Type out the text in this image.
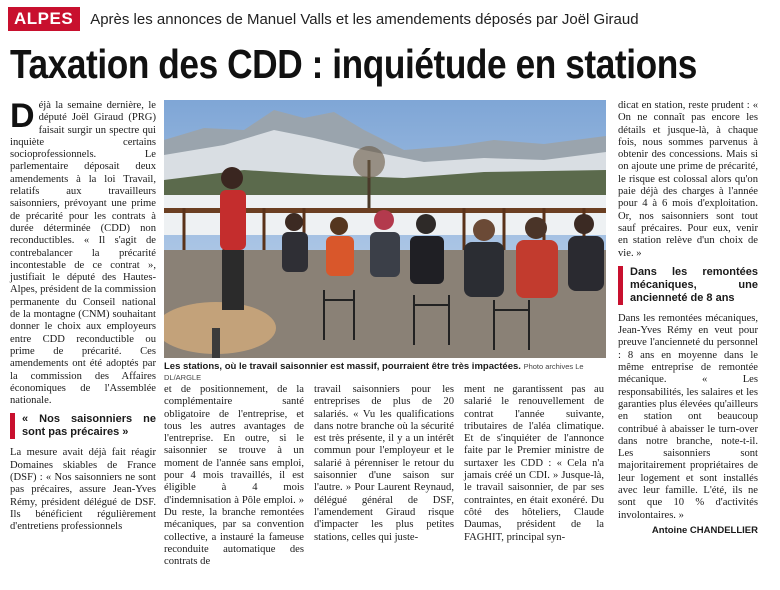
ALPES	Après les annonces de Manuel Valls et les amendements déposés par Joël Giraud
Taxation des CDD : inquiétude en stations

Déjà la semaine dernière, le député Joël Giraud (PRG) faisait surgir un spectre qui inquiète certains socioprofessionnels. Le parlementaire déposait deux amendements à la loi Travail, relatifs aux travailleurs saisonniers, prévoyant une prime de précarité pour les contrats à durée déterminée (CDD) non reconductibles. « Il s'agit de contrebalancer la précarité incontestable de ce contrat », justifiait le député des Hautes-Alpes, président de la commission permanente du Conseil national de la montagne (CNM) souhaitant donner le choix aux employeurs entre CDD reconductible ou prime de précarité. Ces amendements ont été adoptés par la commission des Affaires économiques de l'Assemblée nationale.

« Nos saisonniers ne sont pas précaires »

La mesure avait déjà fait réagir Domaines skiables de France (DSF) : « Nos saisonniers ne sont pas précaires, assure Jean-Yves Rémy, président délégué de DSF. Ils bénéficient régulièrement d'entretiens professionnels

Les stations, où le travail saisonnier est massif, pourraient être très impactées. Photo archives Le DL/ARGLE

et de positionnement, de la complémentaire santé obligatoire de l'entreprise, et tous les autres avantages de l'entreprise. En outre, si le saisonnier se trouve à un moment de l'année sans emploi, pour 4 mois travaillés, il est éligible à 4 mois d'indemnisation à Pôle emploi. » Du reste, la branche remontées mécaniques, par sa convention collective, a instauré la fameuse reconduite automatique des contrats de

travail saisonniers pour les entreprises de plus de 20 salariés. « Vu les qualifications dans notre branche où la sécurité est très présente, il y a un intérêt commun pour l'employeur et le salarié à pérenniser le retour du saisonnier d'une saison sur l'autre. » Pour Laurent Reynaud, délégué général de DSF, l'amendement Giraud risque d'impacter les plus petites stations, celles qui juste-

ment ne garantissent pas au salarié le renouvellement de contrat l'année suivante, tributaires de l'aléa climatique. Et de s'inquiéter de l'annonce faite par le Premier ministre de surtaxer les CDD : « Cela n'a jamais créé un CDI. » Jusque-là, le travail saisonnier, de par ses contraintes, en était exonéré. Du côté des hôteliers, Claude Daumas, président de la FAGHIT, principal syn-

dicat en station, reste prudent : « On ne connaît pas encore les détails et jusque-là, à chaque fois, nous sommes parvenus à obtenir des concessions. Mais si on ajoute une prime de précarité, le risque est colossal alors qu'on paie déjà des charges à l'année pour 4 à 6 mois d'exploitation. Or, nos saisonniers sont tout sauf précaires. Pour eux, venir en station relève d'un choix de vie. »

Dans les remontées mécaniques, une ancienneté de 8 ans

Dans les remontées mécaniques, Jean-Yves Rémy en veut pour preuve l'ancienneté du personnel : 8 ans en moyenne dans le même entreprise de remontée mécanique. « Les responsabilités, les salaires et les garanties plus élevées qu'ailleurs en station ont beaucoup contribué à abaisser le turn-over dans notre branche, note-t-il. Les saisonniers sont majoritairement propriétaires de leur logement et sont installés avec leur famille. L'été, ils ne sont que 10 % d'activités involontaires. »

Antoine CHANDELLIER
